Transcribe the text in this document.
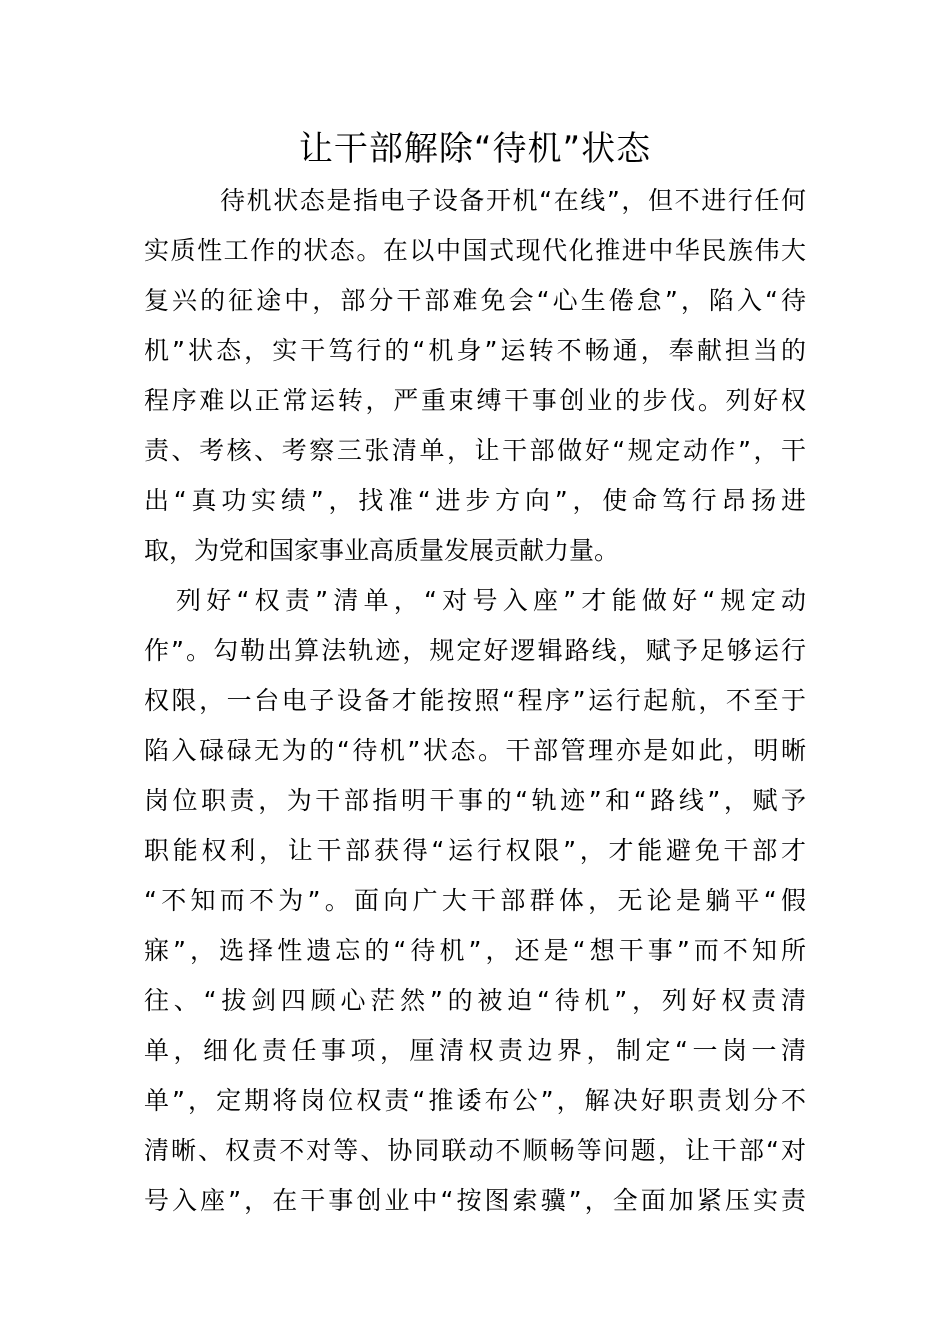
让干部解除“待机”状态
待机状态是指电子设备开机“在线”，但不进行任何
实质性工作的状态。在以中国式现代化推进中华民族伟大
复兴的征途中，部分干部难免会“心生倦怠”，陷入“待
机”状态，实干笃行的“机身”运转不畅通，奉献担当的
程序难以正常运转，严重束缚干事创业的步伐。列好权
责、考核、考察三张清单，让干部做好“规定动作”，干
出“真功实绩”，找准“进步方向”，使命笃行昂扬进
取，为党和国家事业高质量发展贡献力量。
列好“权责”清单，“对号入座”才能做好“规定动
作”。勾勒出算法轨迹，规定好逻辑路线，赋予足够运行
权限，一台电子设备才能按照“程序”运行起航，不至于
陷入碌碌无为的“待机”状态。干部管理亦是如此，明晰
岗位职责，为干部指明干事的“轨迹”和“路线”，赋予
职能权利，让干部获得“运行权限”，才能避免干部才
“不知而不为”。面向广大干部群体，无论是躺平“假
寐”，选择性遗忘的“待机”，还是“想干事”而不知所
往、“拔剑四顾心茫然”的被迫“待机”，列好权责清
单，细化责任事项，厘清权责边界，制定“一岗一清
单”，定期将岗位权责“推诿布公”，解决好职责划分不
清晰、权责不对等、协同联动不顺畅等问题，让干部“对
号入座”，在干事创业中“按图索骥”，全面加紧压实责
